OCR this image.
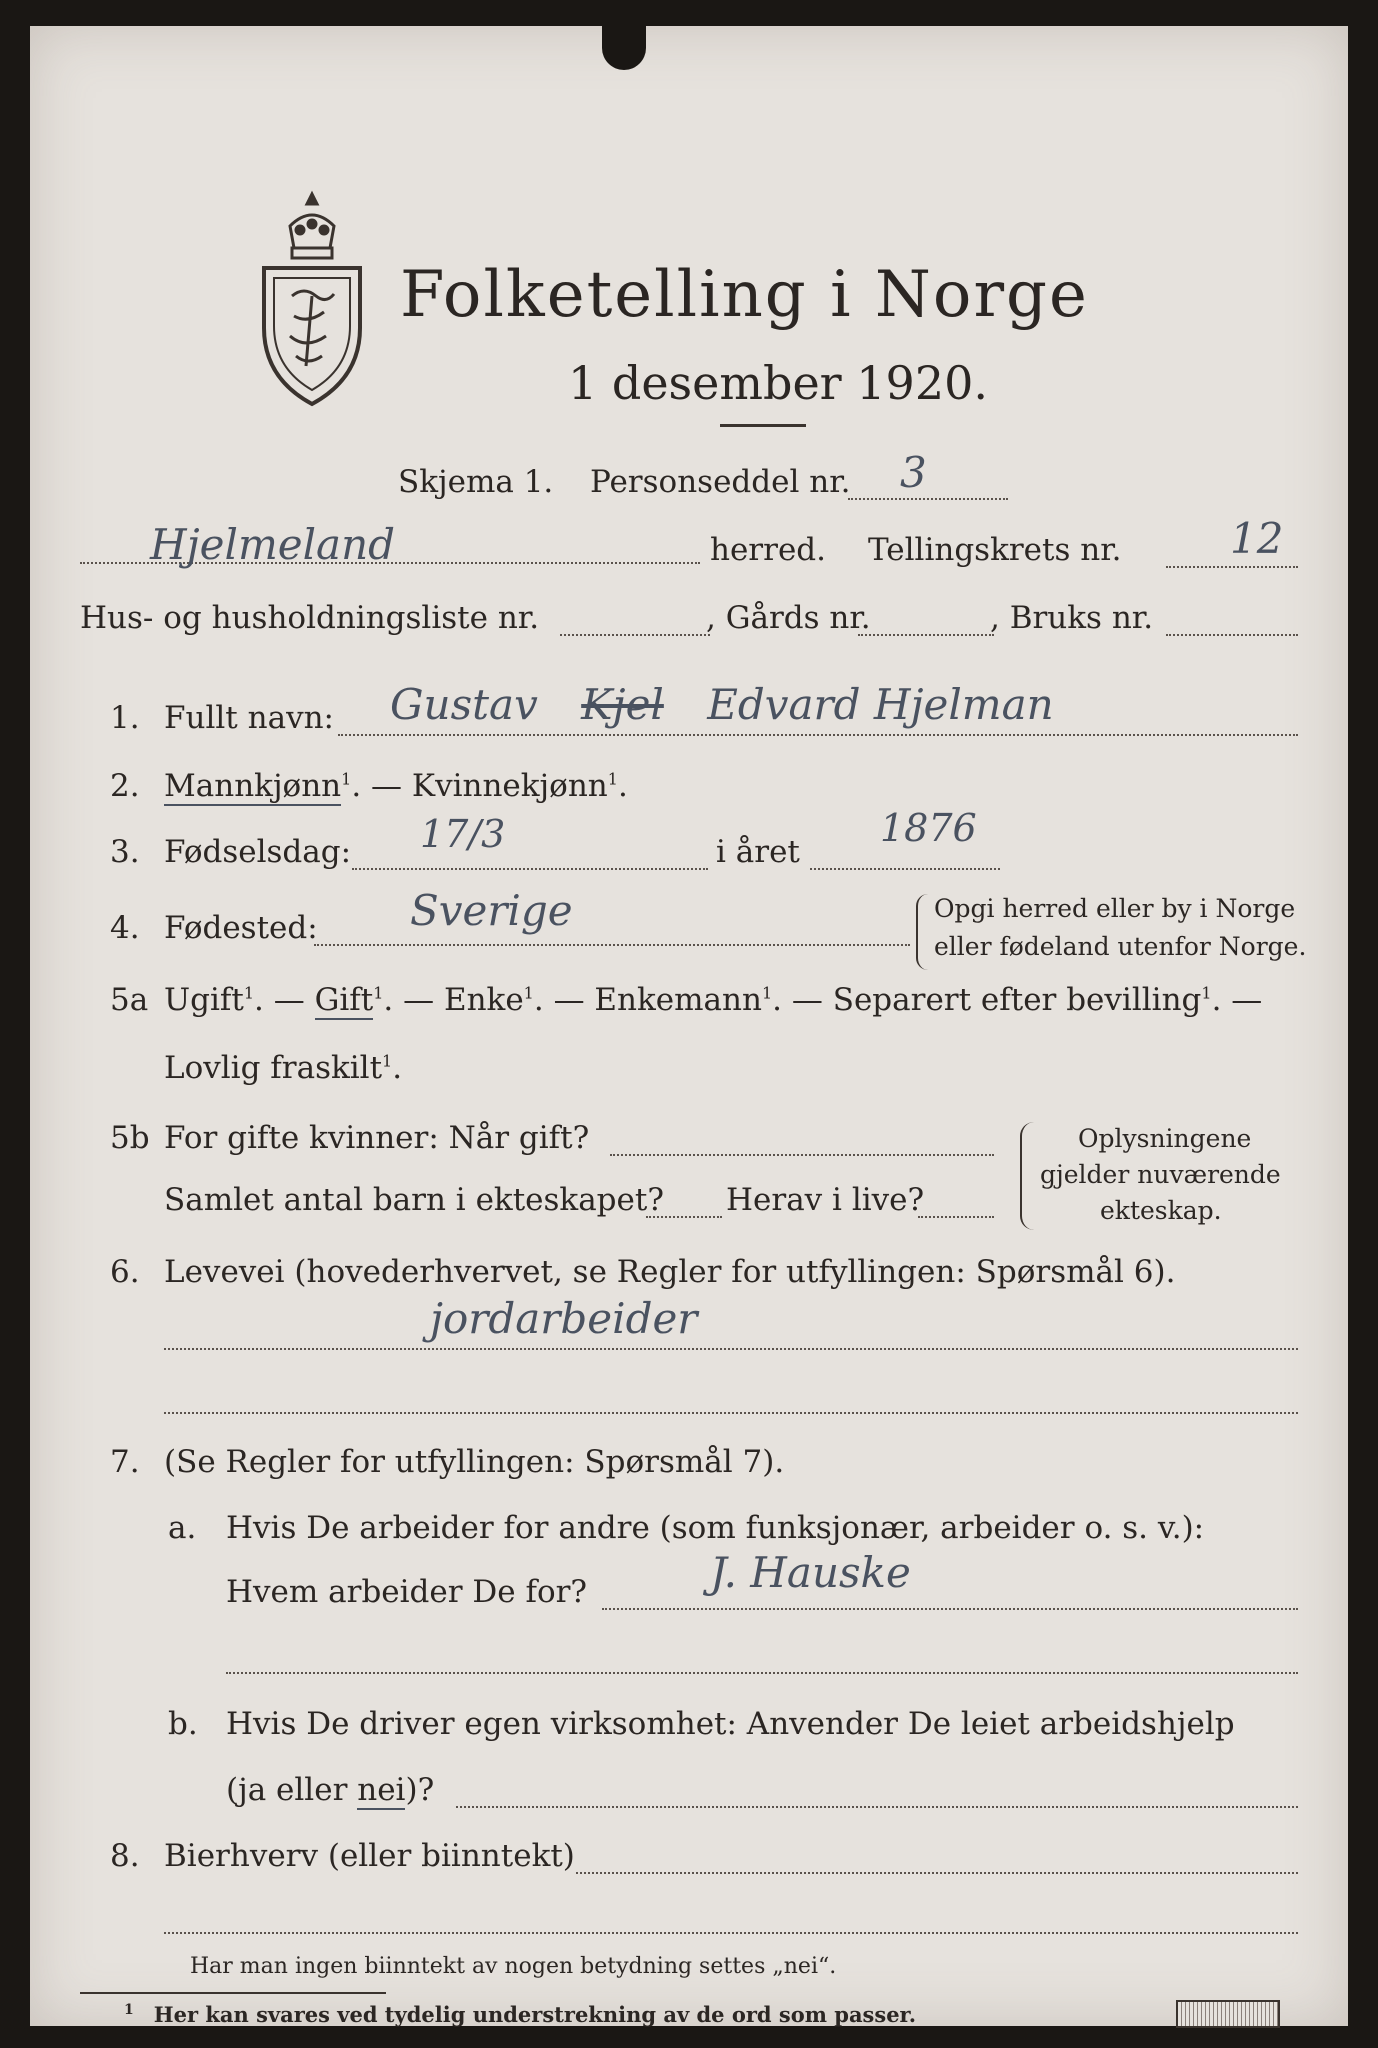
Folketelling i Norge
1 desember 1920.
Skjema 1. Personseddel nr. 3
Hjelmeland	herred. Tellingskrets nr.	12
Hus- og husholdningsliste nr.	, Gårds nr.	, Bruks nr.
1. Fullt navn: Gustav Kjel Edvard Hjelman
2. Mannkjønn$^1$. — Kvinnekjønn$^1$.
3. Fødselsdag: 17/3	i året
1876
4. Fødested: Sverige	Opgi herred eller by i Norge
eller fødeland utenfor Norge.
5a Ugift$^1$. — Gift$^1$. — Enke$^1$. — Enkemann$^1$. — Separert efter bevilling$^1$. —
Lovlig fraskilt$^1$.
5b For gifte kvinner: Når gift?
Samlet antal barn i ekteskapet? Herav i live?
Oplysningene
gjelder nuværende
ekteskap.
6. Levevei (hovederhvervet, se Regler for utfyllingen: Spørsmål 6).
jordarbeider
7. (Se Regler for utfyllingen: Spørsmål 7).
a. Hvis De arbeider for andre (som funksjonær, arbeider o. s. v.):
Hvem arbeider De for?	J. Hauske
b. Hvis De driver egen virksomhet: Anvender De leiet arbeidshjelp
(ja eller nei)?
8. Bierhverv (eller biinntekt)
Har man ingen biinntekt av nogen betydning settes „nei“.
$^1$ Her kan svares ved tydelig understrekning av de ord som passer.
